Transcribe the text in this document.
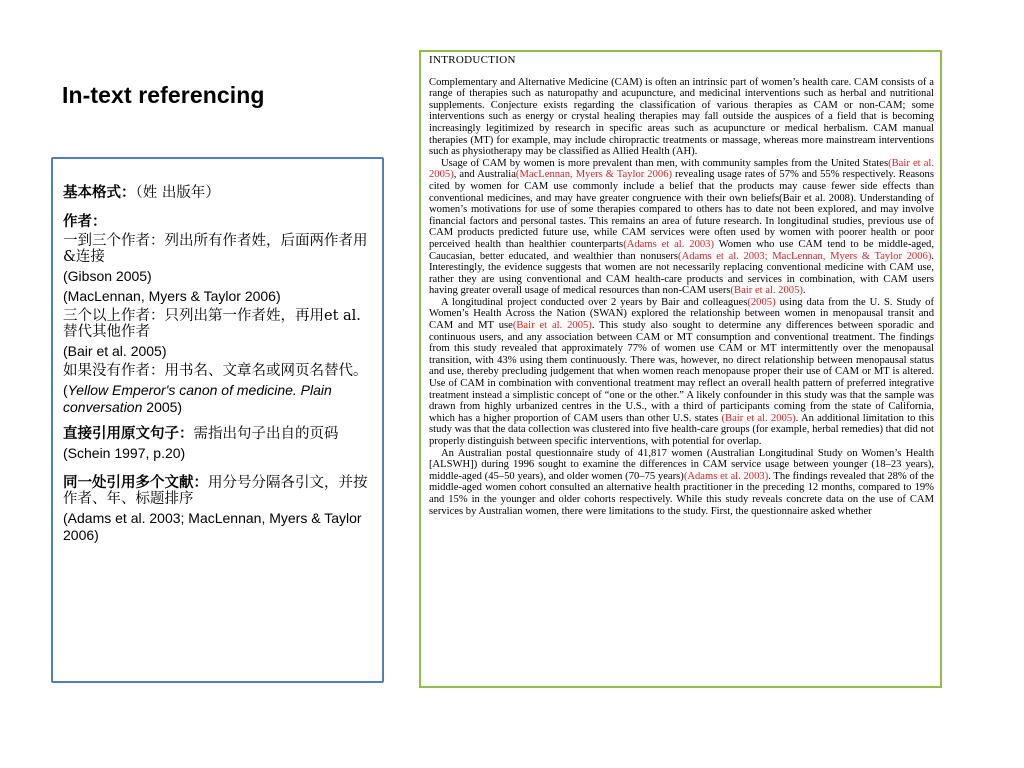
In-text referencing

基本格式：（姓 出版年）

作者：

一到三个作者：列出所有作者姓，后面两作者用&连接

(Gibson 2005)

(MacLennan, Myers & Taylor 2006)

三个以上作者：只列出第一作者姓，再用et al.替代其他作者

(Bair et al. 2005)

如果没有作者：用书名、文章名或网页名替代。

(Yellow Emperor's canon of medicine. Plain conversation 2005)

直接引用原文句子：需指出句子出自的页码

(Schein 1997, p.20)

同一处引用多个文献：用分号分隔各引文，并按作者、年、标题排序

(Adams et al. 2003; MacLennan, Myers & Taylor 2006)

INTRODUCTION

Complementary and Alternative Medicine (CAM) is often an intrinsic part of women’s health care. CAM consists of a range of therapies such as naturopathy and acupuncture, and medicinal interventions such as herbal and nutritional supplements. Conjecture exists regarding the classification of various therapies as CAM or non-CAM; some interventions such as energy or crystal healing therapies may fall outside the auspices of a field that is becoming increasingly legitimized by research in specific areas such as acupuncture or medical herbalism. CAM manual therapies (MT) for example, may include chiropractic treatments or massage, whereas more mainstream interventions such as physiotherapy may be classified as Allied Health (AH).

Usage of CAM by women is more prevalent than men, with community samples from the United States(Bair et al. 2005), and Australia(MacLennan, Myers & Taylor 2006) revealing usage rates of 57% and 55% respectively. Reasons cited by women for CAM use commonly include a belief that the products may cause fewer side effects than conventional medicines, and may have greater congruence with their own beliefs(Bair et al. 2008). Understanding of women’s motivations for use of some therapies compared to others has to date not been explored, and may involve financial factors and personal tastes. This remains an area of future research. In longitudinal studies, previous use of CAM products predicted future use, while CAM services were often used by women with poorer health or poor perceived health than healthier counterparts(Adams et al. 2003) Women who use CAM tend to be middle-aged, Caucasian, better educated, and wealthier than nonusers(Adams et al. 2003; MacLennan, Myers & Taylor 2006). Interestingly, the evidence suggests that women are not necessarily replacing conventional medicine with CAM use, rather they are using conventional and CAM health-care products and services in combination, with CAM users having greater overall usage of medical resources than non-CAM users(Bair et al. 2005).

A longitudinal project conducted over 2 years by Bair and colleagues(2005) using data from the U. S. Study of Women’s Health Across the Nation (SWAN) explored the relationship between women in menopausal transit and CAM and MT use(Bair et al. 2005). This study also sought to determine any differences between sporadic and continuous users, and any association between CAM or MT consumption and conventional treatment. The findings from this study revealed that approximately 77% of women use CAM or MT intermittently over the menopausal transition, with 43% using them continuously. There was, however, no direct relationship between menopausal status and use, thereby precluding judgement that when women reach menopause proper their use of CAM or MT is altered. Use of CAM in combination with conventional treatment may reflect an overall health pattern of preferred integrative treatment instead a simplistic concept of “one or the other.” A likely confounder in this study was that the sample was drawn from highly urbanized centres in the U.S., with a third of participants coming from the state of California, which has a higher proportion of CAM users than other U.S. states (Bair et al. 2005). An additional limitation to this study was that the data collection was clustered into five health-care groups (for example, herbal remedies) that did not properly distinguish between specific interventions, with potential for overlap.

An Australian postal questionnaire study of 41,817 women (Australian Longitudinal Study on Women’s Health [ALSWH]) during 1996 sought to examine the differences in CAM service usage between younger (18–23 years), middle-aged (45–50 years), and older women (70–75 years)(Adams et al. 2003). The findings revealed that 28% of the middle-aged women cohort consulted an alternative health practitioner in the preceding 12 months, compared to 19% and 15% in the younger and older cohorts respectively. While this study reveals concrete data on the use of CAM services by Australian women, there were limitations to the study. First, the questionnaire asked whether
